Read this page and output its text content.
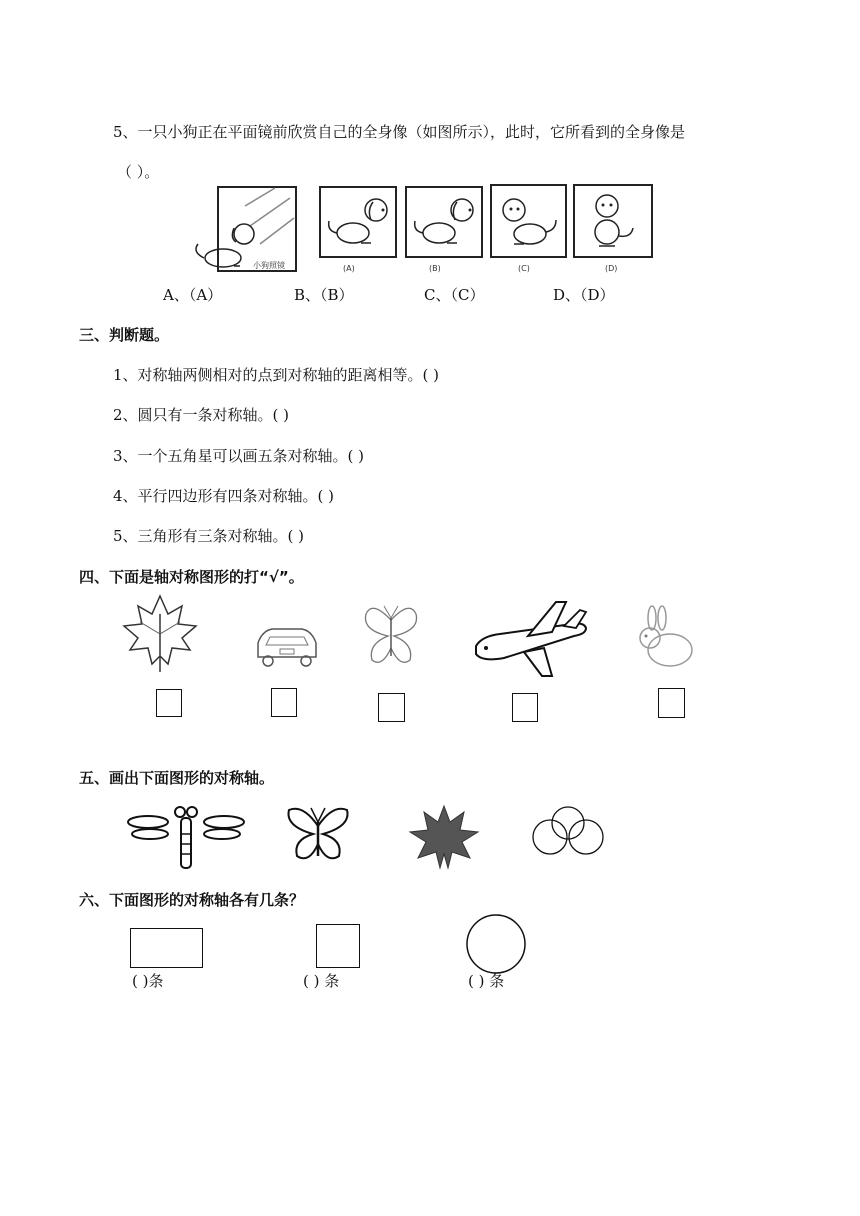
5、一只小狗正在平面镜前欣赏自己的全身像（如图所示），此时，它所看到的全身像是
（ ）。
小狗照镜	(A)	(B)	(C)	(D)
A、（A）	B、（B）	C、（C）	D、（D）
三、判断题。
1、对称轴两侧相对的点到对称轴的距离相等。( )
2、圆只有一条对称轴。( )
3、一个五角星可以画五条对称轴。( )
4、平行四边形有四条对称轴。( )
5、三角形有三条对称轴。( )
四、下面是轴对称图形的打“√”。
五、画出下面图形的对称轴。
六、下面图形的对称轴各有几条？
( )条	( ) 条	( ) 条
